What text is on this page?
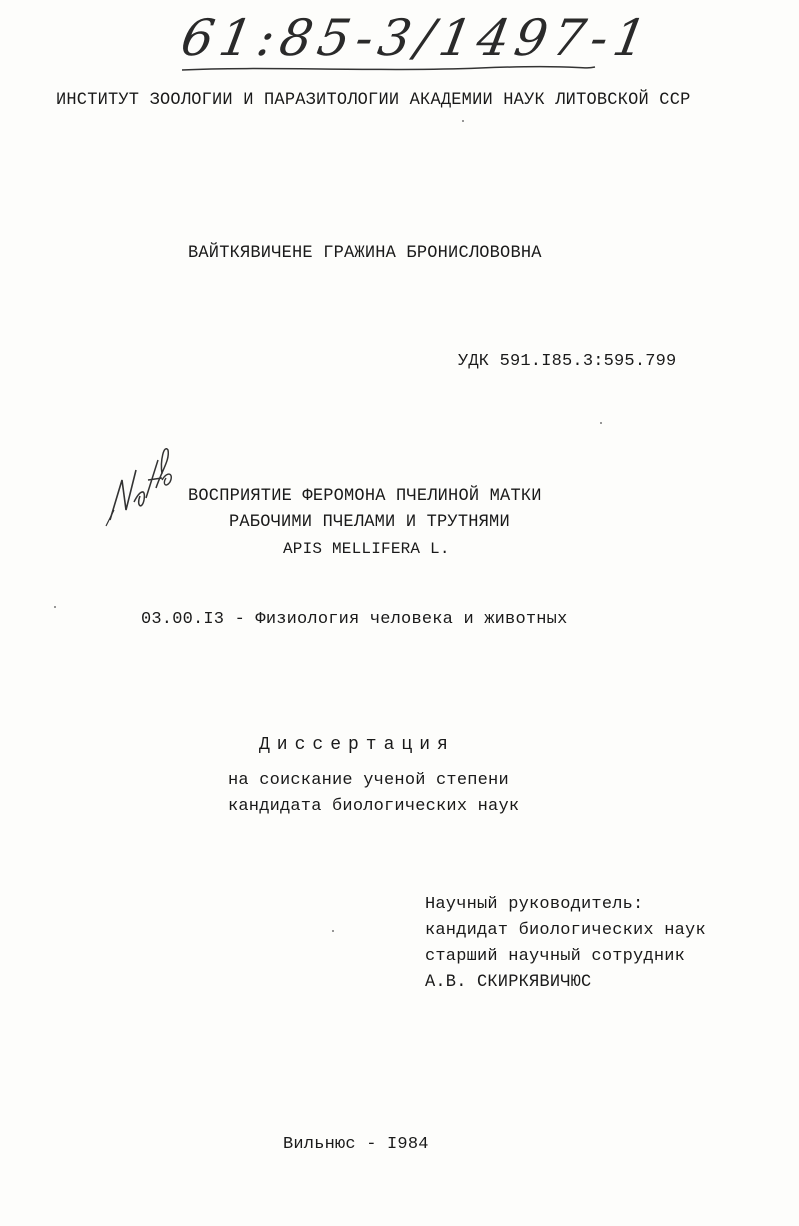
61:85-3/1497-1
ИНСТИТУТ ЗООЛОГИИ И ПАРАЗИТОЛОГИИ АКАДЕМИИ НАУК ЛИТОВСКОЙ ССР
ВАЙТКЯВИЧЕНЕ ГРАЖИНА БРОНИСЛОВОВНА
УДК 591.I85.3:595.799
ВОСПРИЯТИЕ ФЕРОМОНА ПЧЕЛИНОЙ МАТКИ
РАБОЧИМИ ПЧЕЛАМИ И ТРУТНЯМИ
APIS MELLIFERA L.
03.00.I3 - Физиология человека и животных
Диссертация
на соискание ученой степени
кандидата биологических наук
Научный руководитель:
кандидат биологических наук
старший научный сотрудник
А.В. СКИРКЯВИЧЮС
Вильнюс - I984
